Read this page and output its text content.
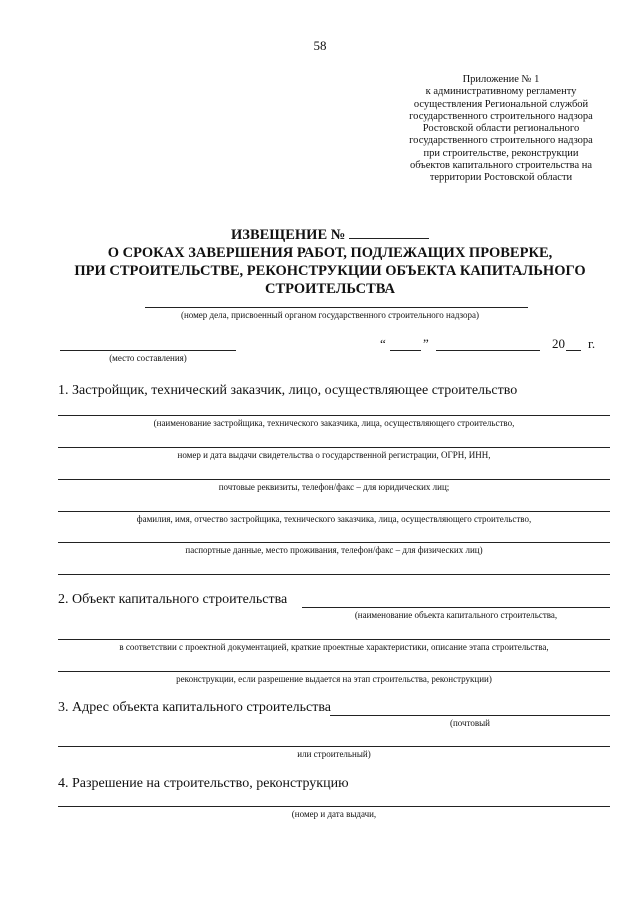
58
Приложение № 1
к административному регламенту
осуществления Региональной службой
государственного строительного надзора
Ростовской области регионального
государственного строительного надзора
при строительстве, реконструкции
объектов капитального строительства на
территории Ростовской области
ИЗВЕЩЕНИЕ №
О СРОКАХ ЗАВЕРШЕНИЯ РАБОТ, ПОДЛЕЖАЩИХ ПРОВЕРКЕ,
ПРИ СТРОИТЕЛЬСТВЕ, РЕКОНСТРУКЦИИ ОБЪЕКТА КАПИТАЛЬНОГО
СТРОИТЕЛЬСТВА
(номер дела, присвоенный органом государственного строительного надзора)
(место составления)
“	”	20 г.
1. Застройщик, технический заказчик, лицо, осуществляющее строительство
(наименование застройщика, технического заказчика, лица, осуществляющего строительство,
номер и дата выдачи свидетельства о государственной регистрации, ОГРН, ИНН,
почтовые реквизиты, телефон/факс – для юридических лиц;
фамилия, имя, отчество застройщика, технического заказчика, лица, осуществляющего строительство,
паспортные данные, место проживания, телефон/факс – для физических лиц)
2. Объект капитального строительства
(наименование объекта капитального строительства,
в соответствии с проектной документацией, краткие проектные характеристики, описание этапа строительства,
реконструкции, если разрешение выдается на этап строительства, реконструкции)
3. Адрес объекта капитального строительства
(почтовый
или строительный)
4. Разрешение на строительство, реконструкцию
(номер и дата выдачи,
